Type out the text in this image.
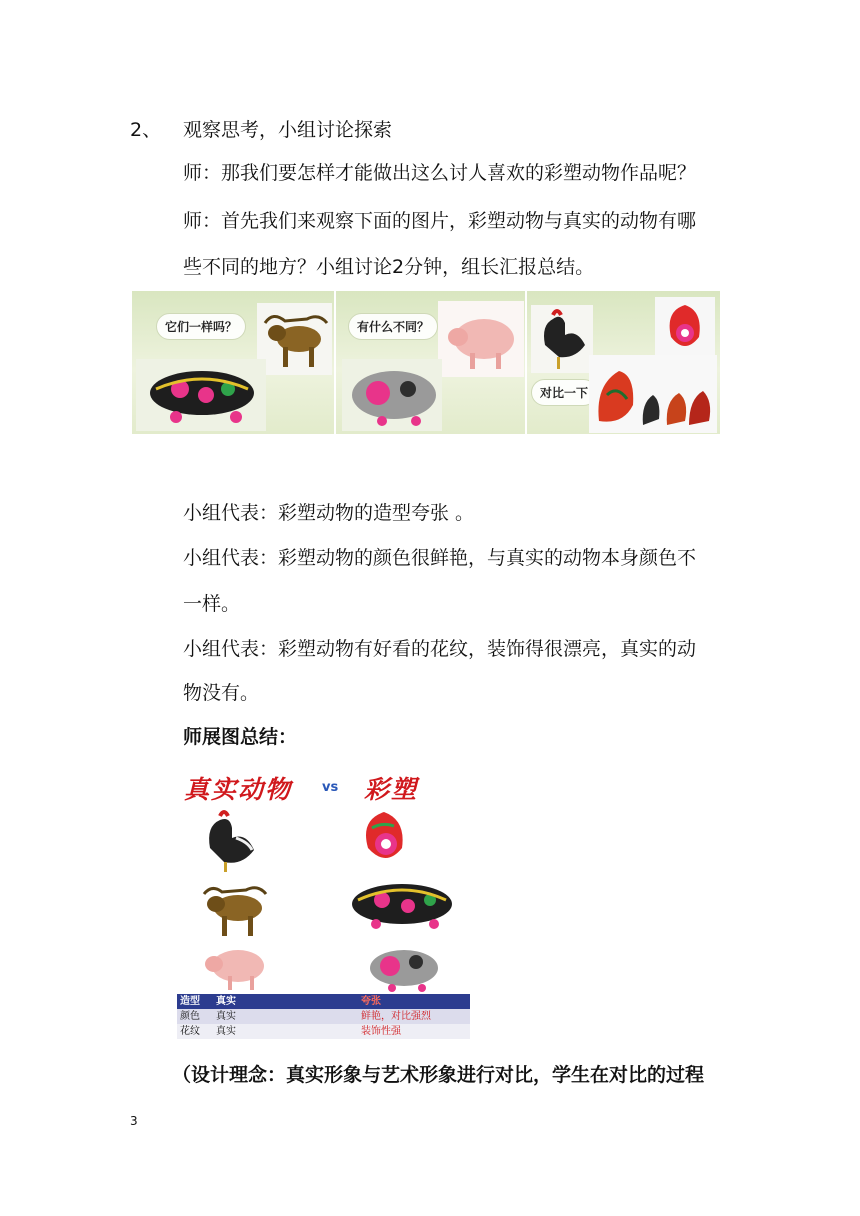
2、 观察思考，小组讨论探索
师：那我们要怎样才能做出这么讨人喜欢的彩塑动物作品呢？
师：首先我们来观察下面的图片，彩塑动物与真实的动物有哪
些不同的地方？小组讨论2分钟，组长汇报总结。
它们一样吗？	有什么不同？
对比一下
小组代表：彩塑动物的造型夸张 。
小组代表：彩塑动物的颜色很鲜艳，与真实的动物本身颜色不
一样。
小组代表：彩塑动物有好看的花纹，装饰得很漂亮，真实的动
物没有。
师展图总结：
真实动物 vs 彩塑
造型	真实	夸张
颜色	真实	鲜艳，对比强烈
花纹	真实	装饰性强
（设计理念：真实形象与艺术形象进行对比，学生在对比的过程
3
